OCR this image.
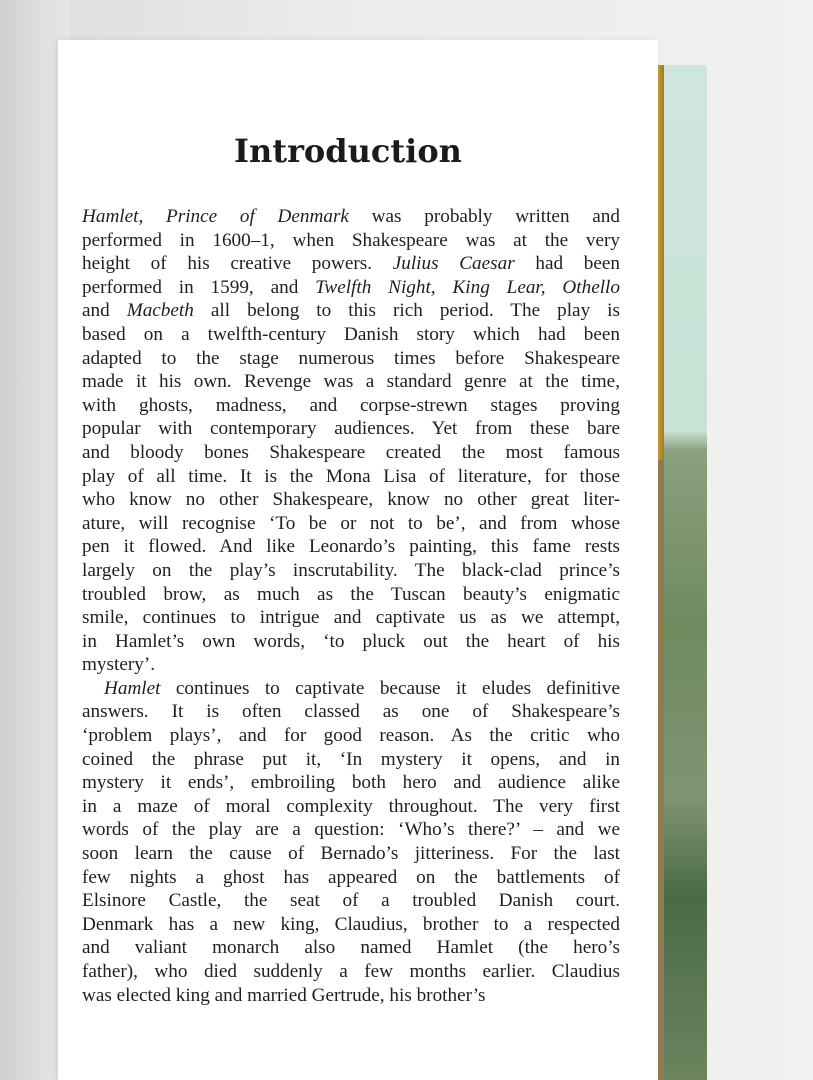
Introduction
Hamlet, Prince of Denmark was probably written and
performed in 1600–1, when Shakespeare was at the very
height of his creative powers. Julius Caesar had been
performed in 1599, and Twelfth Night, King Lear, Othello
and Macbeth all belong to this rich period. The play is
based on a twelfth-century Danish story which had been
adapted to the stage numerous times before Shakespeare
made it his own. Revenge was a standard genre at the time,
with ghosts, madness, and corpse-strewn stages proving
popular with contemporary audiences. Yet from these bare
and bloody bones Shakespeare created the most famous
play of all time. It is the Mona Lisa of literature, for those
who know no other Shakespeare, know no other great liter-
ature, will recognise ‘To be or not to be’, and from whose
pen it flowed. And like Leonardo’s painting, this fame rests
largely on the play’s inscrutability. The black-clad prince’s
troubled brow, as much as the Tuscan beauty’s enigmatic
smile, continues to intrigue and captivate us as we attempt,
in Hamlet’s own words, ‘to pluck out the heart of his
mystery’.
Hamlet continues to captivate because it eludes definitive
answers. It is often classed as one of Shakespeare’s
‘problem plays’, and for good reason. As the critic who
coined the phrase put it, ‘In mystery it opens, and in
mystery it ends’, embroiling both hero and audience alike
in a maze of moral complexity throughout. The very first
words of the play are a question: ‘Who’s there?’ – and we
soon learn the cause of Bernado’s jitteriness. For the last
few nights a ghost has appeared on the battlements of
Elsinore Castle, the seat of a troubled Danish court.
Denmark has a new king, Claudius, brother to a respected
and valiant monarch also named Hamlet (the hero’s
father), who died suddenly a few months earlier. Claudius
was elected king and married Gertrude, his brother’s
